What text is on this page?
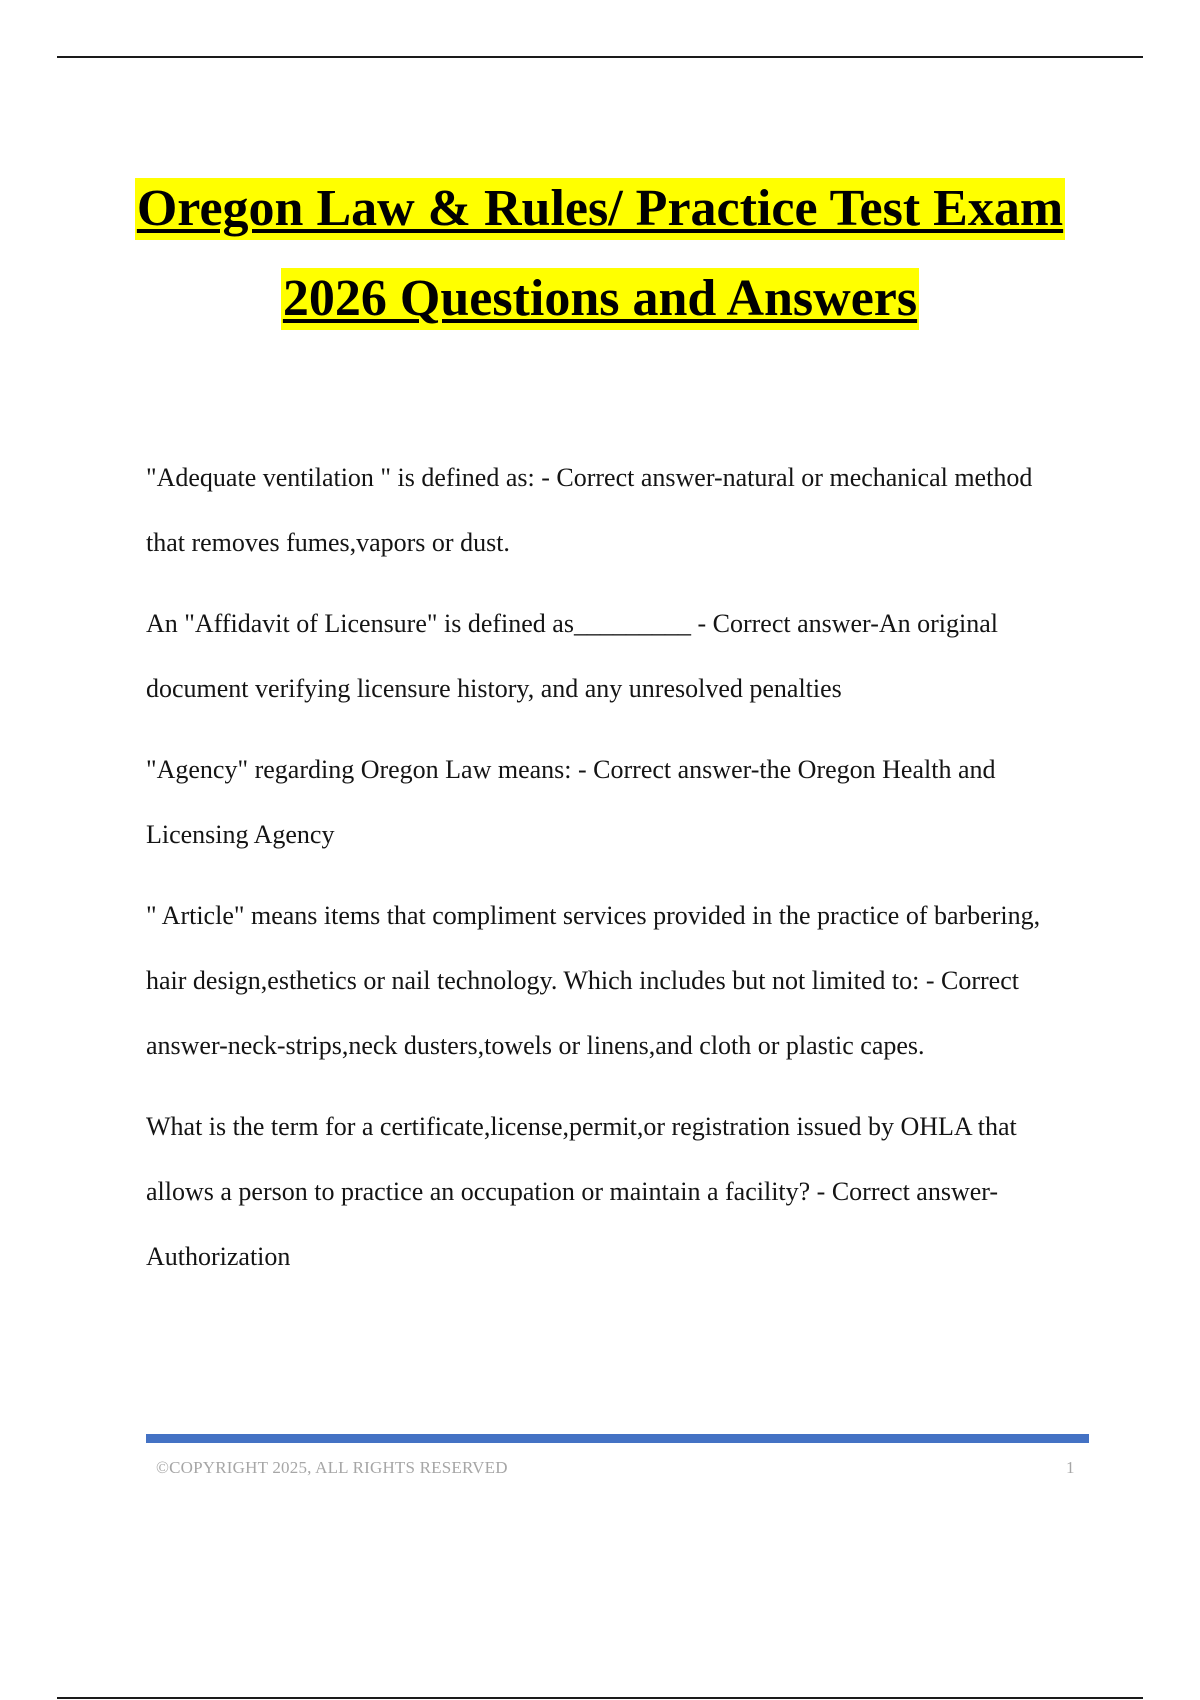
Oregon Law & Rules/ Practice Test Exam
2026 Questions and Answers

"Adequate ventilation " is defined as: - Correct answer-natural or mechanical method that removes fumes,vapors or dust.

An "Affidavit of Licensure" is defined as_________ - Correct answer-An original document verifying licensure history, and any unresolved penalties

"Agency" regarding Oregon Law means: - Correct answer-the Oregon Health and Licensing Agency

" Article" means items that compliment services provided in the practice of barbering, hair design,esthetics or nail technology. Which includes but not limited to: - Correct answer-neck-strips,neck dusters,towels or linens,and cloth or plastic capes.

What is the term for a certificate,license,permit,or registration issued by OHLA that allows a person to practice an occupation or maintain a facility? - Correct answer-Authorization

©COPYRIGHT 2025, ALL RIGHTS RESERVED	1
